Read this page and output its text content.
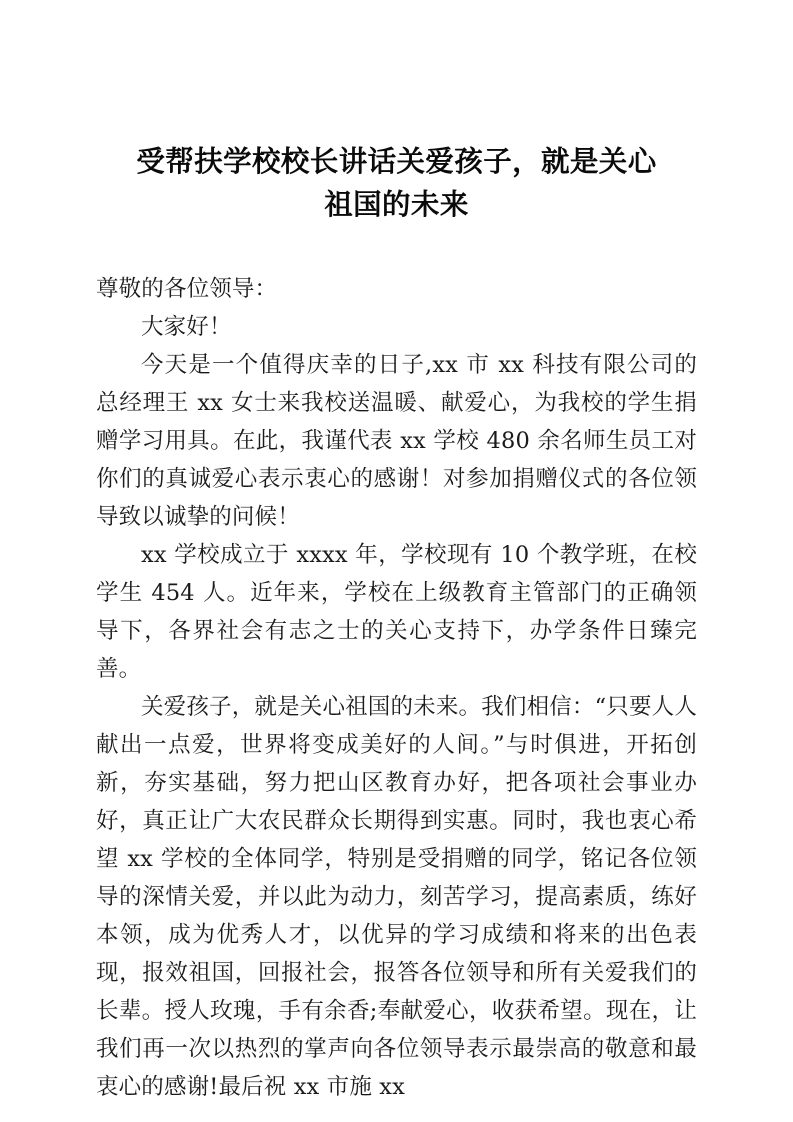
受帮扶学校校长讲话关爱孩子，就是关心
祖国的未来

尊敬的各位领导：

大家好！

今天是一个值得庆幸的日子,xx 市 xx 科技有限公司的总经理王 xx 女士来我校送温暖、献爱心，为我校的学生捐赠学习用具。在此，我谨代表 xx 学校 480 余名师生员工对你们的真诚爱心表示衷心的感谢！对参加捐赠仪式的各位领导致以诚挚的问候！

xx 学校成立于 xxxx 年，学校现有 10 个教学班，在校学生 454 人。近年来，学校在上级教育主管部门的正确领导下，各界社会有志之士的关心支持下，办学条件日臻完善。

关爱孩子，就是关心祖国的未来。我们相信：“只要人人献出一点爱，世界将变成美好的人间。”与时俱进，开拓创新，夯实基础，努力把山区教育办好，把各项社会事业办好，真正让广大农民群众长期得到实惠。同时，我也衷心希望 xx 学校的全体同学，特别是受捐赠的同学，铭记各位领导的深情关爱，并以此为动力，刻苦学习，提高素质，练好本领，成为优秀人才，以优异的学习成绩和将来的出色表现，报效祖国，回报社会，报答各位领导和所有关爱我们的长辈。授人玫瑰，手有余香;奉献爱心，收获希望。现在，让我们再一次以热烈的掌声向各位领导表示最崇高的敬意和最衷心的感谢!最后祝 xx 市施 xx
